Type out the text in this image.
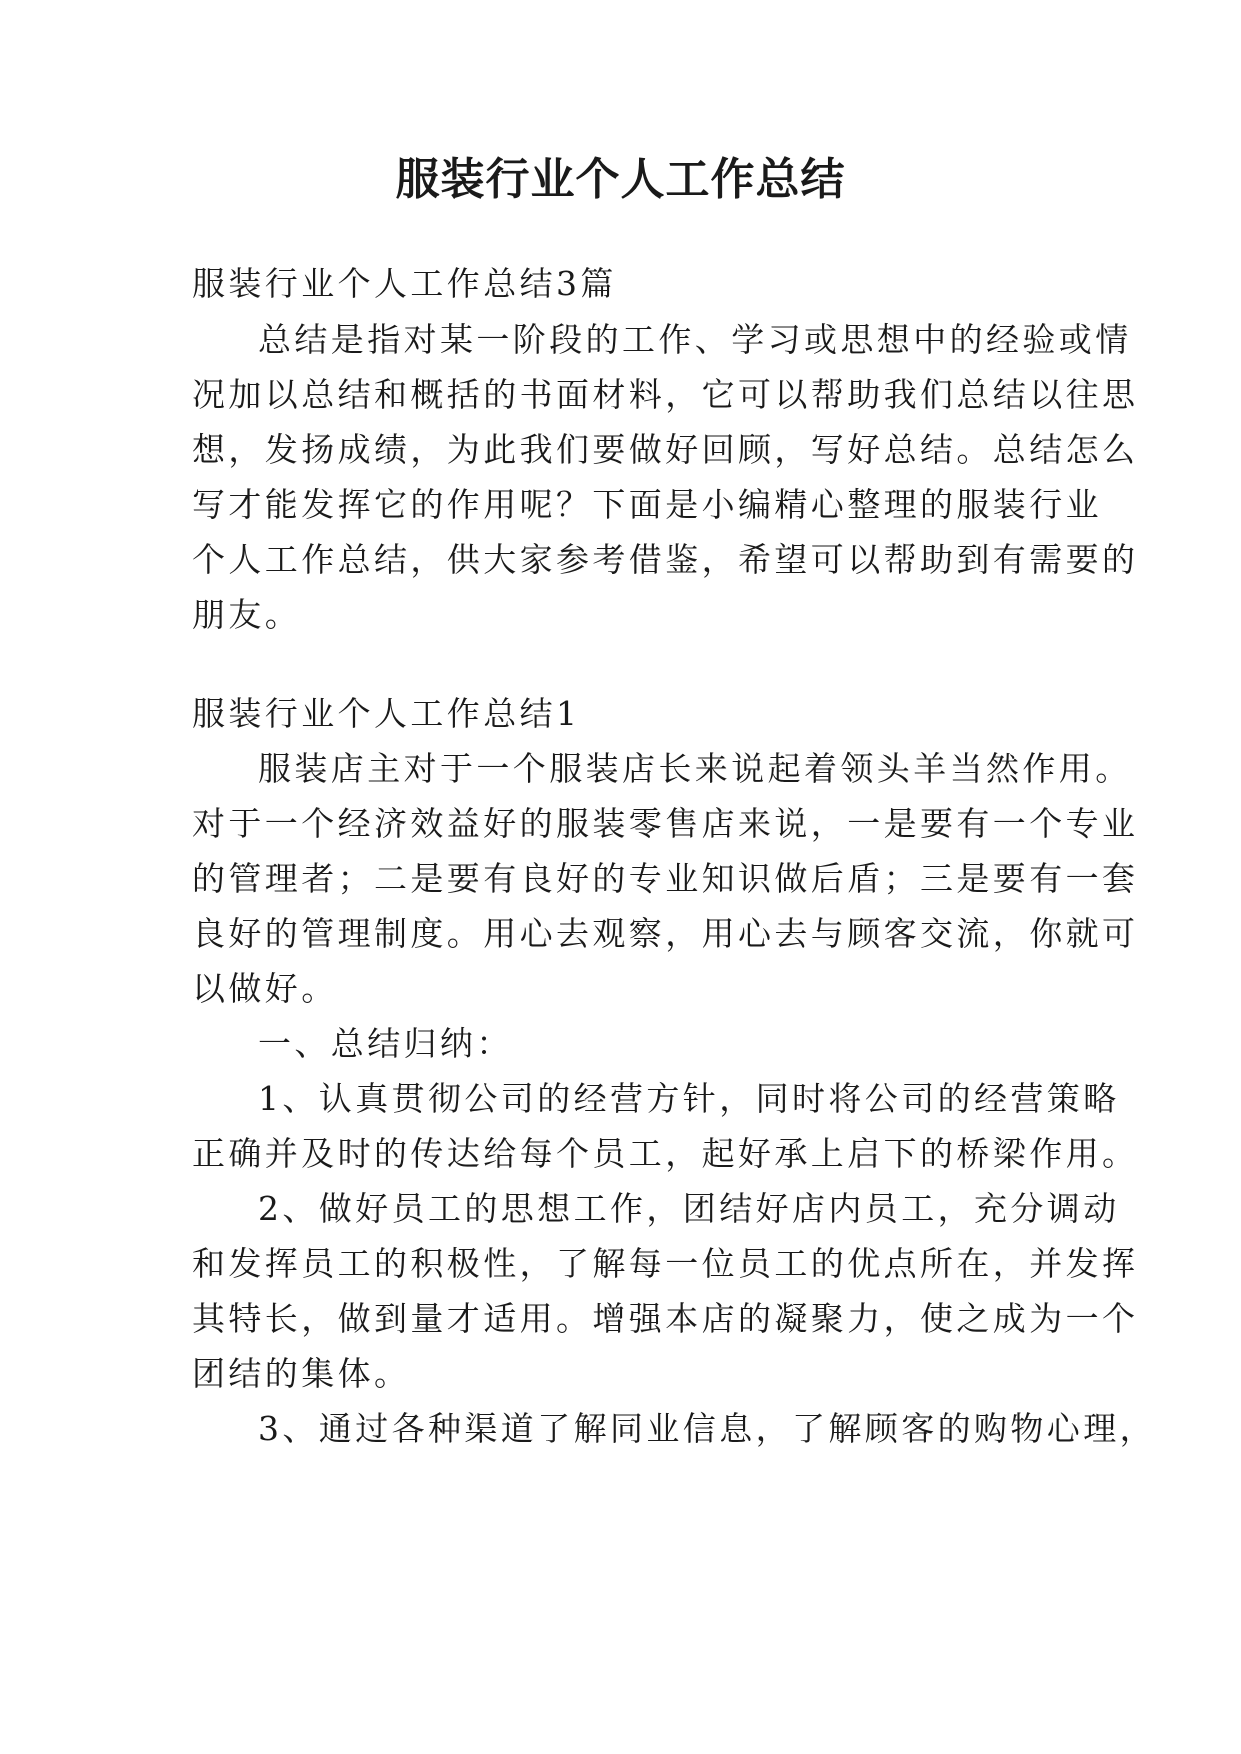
服装行业个人工作总结
服装行业个人工作总结3篇
总结是指对某一阶段的工作、学习或思想中的经验或情
况加以总结和概括的书面材料，它可以帮助我们总结以往思
想，发扬成绩，为此我们要做好回顾，写好总结。总结怎么
写才能发挥它的作用呢？下面是小编精心整理的服装行业
个人工作总结，供大家参考借鉴，希望可以帮助到有需要的
朋友。
服装行业个人工作总结1
服装店主对于一个服装店长来说起着领头羊当然作用。
对于一个经济效益好的服装零售店来说，一是要有一个专业
的管理者；二是要有良好的专业知识做后盾；三是要有一套
良好的管理制度。用心去观察，用心去与顾客交流，你就可
以做好。
一、总结归纳：
1、认真贯彻公司的经营方针，同时将公司的经营策略
正确并及时的传达给每个员工，起好承上启下的桥梁作用。
2、做好员工的思想工作，团结好店内员工，充分调动
和发挥员工的积极性，了解每一位员工的优点所在，并发挥
其特长，做到量才适用。增强本店的凝聚力，使之成为一个
团结的集体。
3、通过各种渠道了解同业信息，了解顾客的购物心理，
